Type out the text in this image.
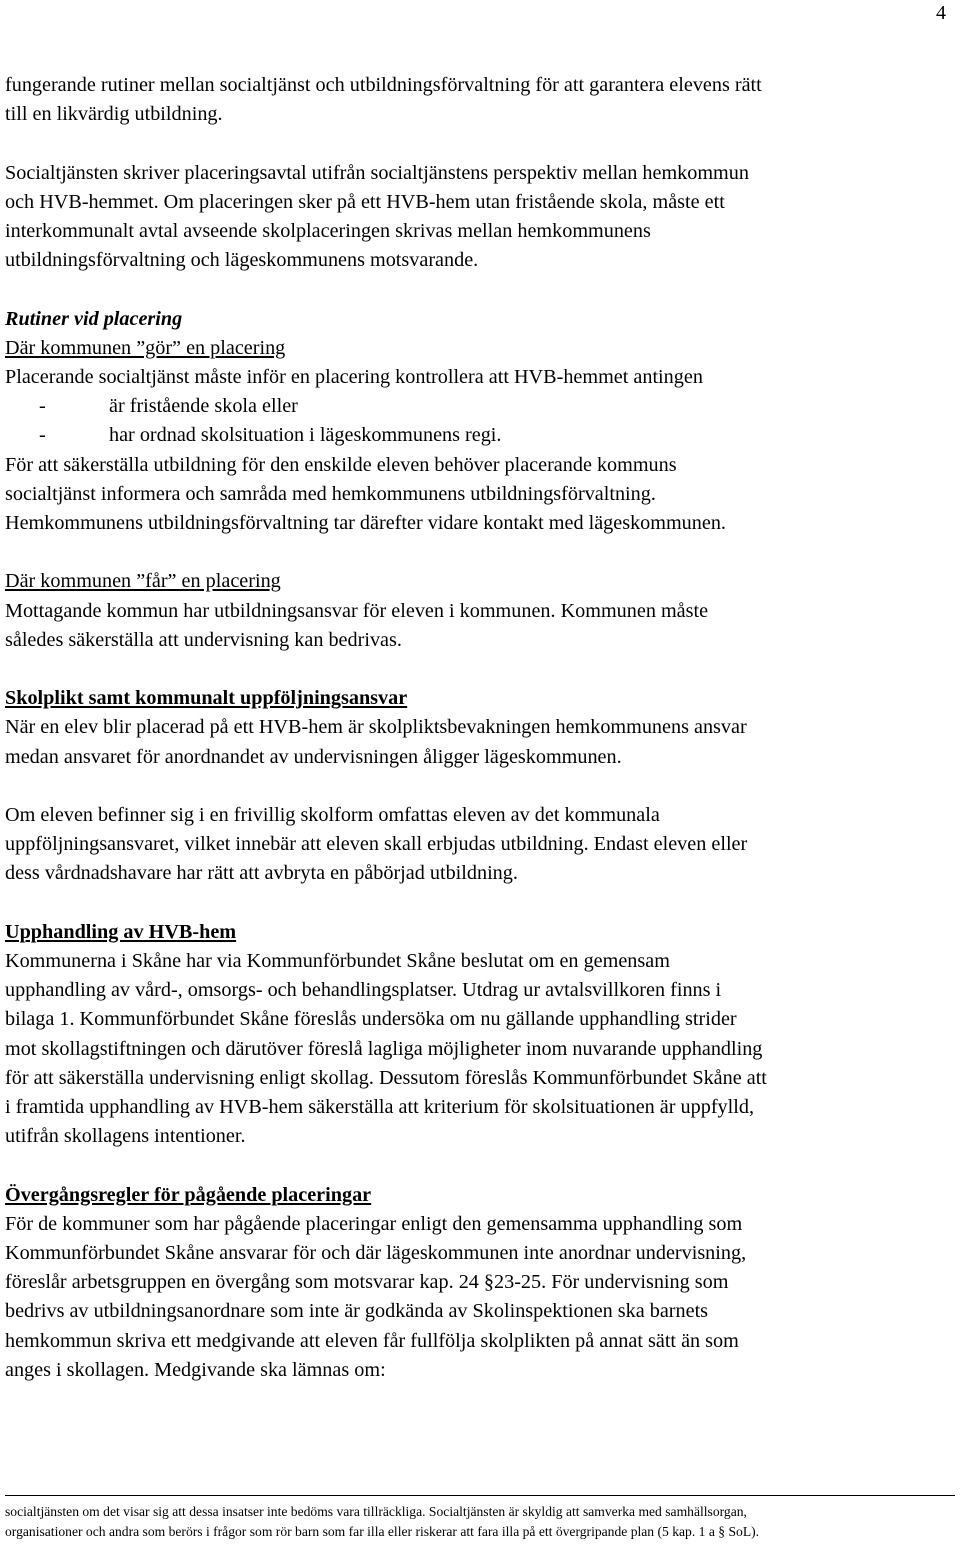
4

fungerande rutiner mellan socialtjänst och utbildningsförvaltning för att garantera elevens rätt

till en likvärdig utbildning.

Socialtjänsten skriver placeringsavtal utifrån socialtjänstens perspektiv mellan hemkommun

och HVB-hemmet. Om placeringen sker på ett HVB-hem utan fristående skola, måste ett

interkommunalt avtal avseende skolplaceringen skrivas mellan hemkommunens

utbildningsförvaltning och lägeskommunens motsvarande.

Rutiner vid placering

Där kommunen ”gör” en placering

Placerande socialtjänst måste inför en placering kontrollera att HVB-hemmet antingen

-	är fristående skola eller
-	har ordnad skolsituation i lägeskommunens regi.

För att säkerställa utbildning för den enskilde eleven behöver placerande kommuns

socialtjänst informera och samråda med hemkommunens utbildningsförvaltning.

Hemkommunens utbildningsförvaltning tar därefter vidare kontakt med lägeskommunen.

Där kommunen ”får” en placering

Mottagande kommun har utbildningsansvar för eleven i kommunen. Kommunen måste

således säkerställa att undervisning kan bedrivas.

Skolplikt samt kommunalt uppföljningsansvar

När en elev blir placerad på ett HVB-hem är skolpliktsbevakningen hemkommunens ansvar

medan ansvaret för anordnandet av undervisningen åligger lägeskommunen.

Om eleven befinner sig i en frivillig skolform omfattas eleven av det kommunala

uppföljningsansvaret, vilket innebär att eleven skall erbjudas utbildning. Endast eleven eller

dess vårdnadshavare har rätt att avbryta en påbörjad utbildning.

Upphandling av HVB-hem

Kommunerna i Skåne har via Kommunförbundet Skåne beslutat om en gemensam

upphandling av vård-, omsorgs- och behandlingsplatser. Utdrag ur avtalsvillkoren finns i

bilaga 1. Kommunförbundet Skåne föreslås undersöka om nu gällande upphandling strider

mot skollagstiftningen och därutöver föreslå lagliga möjligheter inom nuvarande upphandling

för att säkerställa undervisning enligt skollag. Dessutom föreslås Kommunförbundet Skåne att

i framtida upphandling av HVB-hem säkerställa att kriterium för skolsituationen är uppfylld,

utifrån skollagens intentioner.

Övergångsregler för pågående placeringar

För de kommuner som har pågående placeringar enligt den gemensamma upphandling som

Kommunförbundet Skåne ansvarar för och där lägeskommunen inte anordnar undervisning,

föreslår arbetsgruppen en övergång som motsvarar kap. 24 §23-25. För undervisning som

bedrivs av utbildningsanordnare som inte är godkända av Skolinspektionen ska barnets

hemkommun skriva ett medgivande att eleven får fullfölja skolplikten på annat sätt än som

anges i skollagen. Medgivande ska lämnas om:

socialtjänsten om det visar sig att dessa insatser inte bedöms vara tillräckliga. Socialtjänsten är skyldig att samverka med samhällsorgan,

organisationer och andra som berörs i frågor som rör barn som far illa eller riskerar att fara illa på ett övergripande plan (5 kap. 1 a § SoL).
